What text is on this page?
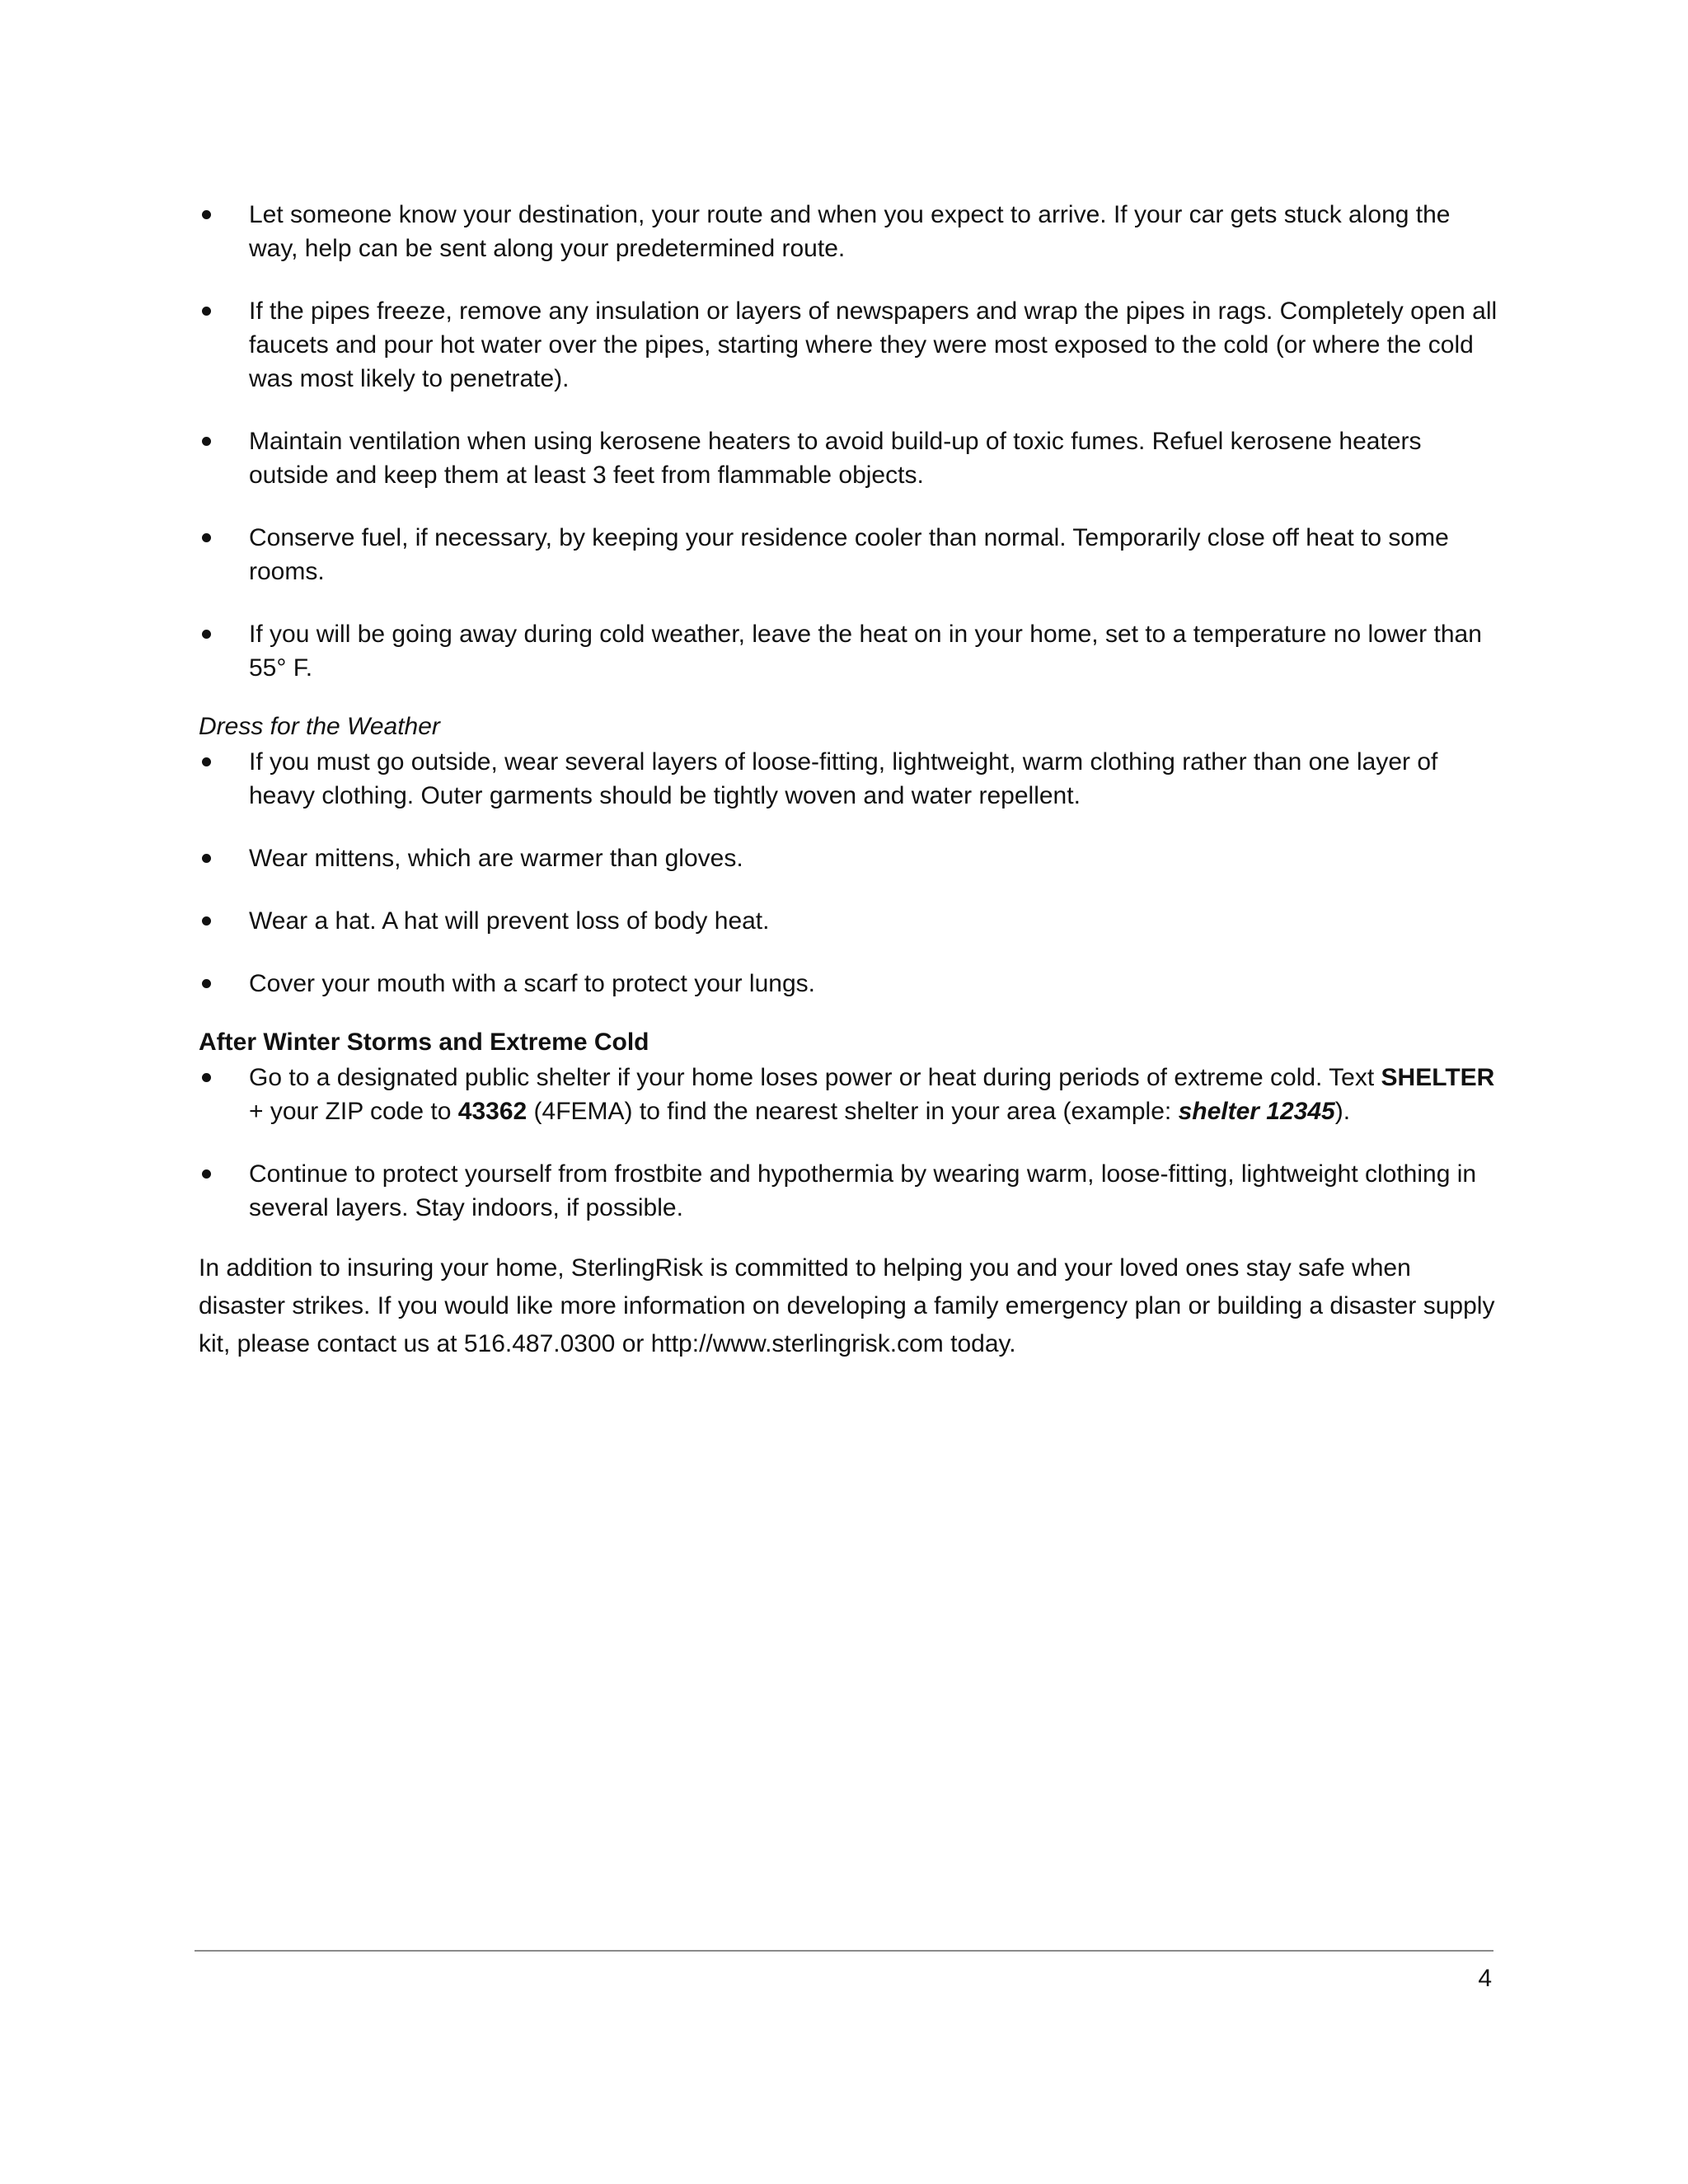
Let someone know your destination, your route and when you expect to arrive. If your car gets stuck along the way, help can be sent along your predetermined route.
If the pipes freeze, remove any insulation or layers of newspapers and wrap the pipes in rags. Completely open all faucets and pour hot water over the pipes, starting where they were most exposed to the cold (or where the cold was most likely to penetrate).
Maintain ventilation when using kerosene heaters to avoid build-up of toxic fumes. Refuel kerosene heaters outside and keep them at least 3 feet from flammable objects.
Conserve fuel, if necessary, by keeping your residence cooler than normal. Temporarily close off heat to some rooms.
If you will be going away during cold weather, leave the heat on in your home, set to a temperature no lower than 55° F.
Dress for the Weather
If you must go outside, wear several layers of loose-fitting, lightweight, warm clothing rather than one layer of heavy clothing. Outer garments should be tightly woven and water repellent.
Wear mittens, which are warmer than gloves.
Wear a hat. A hat will prevent loss of body heat.
Cover your mouth with a scarf to protect your lungs.
After Winter Storms and Extreme Cold
Go to a designated public shelter if your home loses power or heat during periods of extreme cold. Text SHELTER + your ZIP code to 43362 (4FEMA) to find the nearest shelter in your area (example: shelter 12345).
Continue to protect yourself from frostbite and hypothermia by wearing warm, loose-fitting, lightweight clothing in several layers. Stay indoors, if possible.

In addition to insuring your home, SterlingRisk is committed to helping you and your loved ones stay safe when disaster strikes. If you would like more information on developing a family emergency plan or building a disaster supply kit, please contact us at 516.487.0300 or http://www.sterlingrisk.com today.

4
